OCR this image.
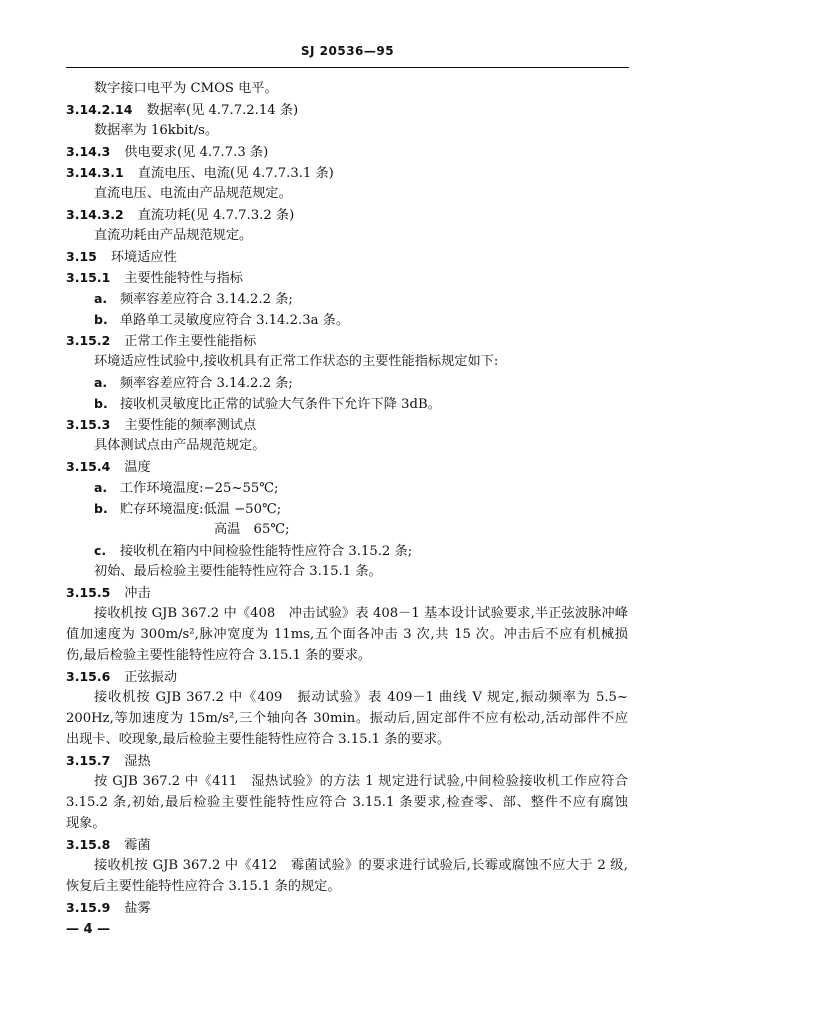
SJ 20536—95
数字接口电平为 CMOS 电平。
3.14.2.14 数据率(见 4.7.7.2.14 条)
数据率为 16kbit/s。
3.14.3 供电要求(见 4.7.7.3 条)
3.14.3.1 直流电压、电流(见 4.7.7.3.1 条)
直流电压、电流由产品规范规定。
3.14.3.2 直流功耗(见 4.7.7.3.2 条)
直流功耗由产品规范规定。
3.15 环境适应性
3.15.1 主要性能特性与指标
a. 频率容差应符合 3.14.2.2 条;
b. 单路单工灵敏度应符合 3.14.2.3a 条。
3.15.2 正常工作主要性能指标
环境适应性试验中,接收机具有正常工作状态的主要性能指标规定如下:
a. 频率容差应符合 3.14.2.2 条;
b. 接收机灵敏度比正常的试验大气条件下允许下降 3dB。
3.15.3 主要性能的频率测试点
具体测试点由产品规范规定。
3.15.4 温度
a. 工作环境温度:−25~55℃;
b. 贮存环境温度:低温 −50℃;
高温　65℃;
c. 接收机在箱内中间检验性能特性应符合 3.15.2 条;
初始、最后检验主要性能特性应符合 3.15.1 条。
3.15.5 冲击
接收机按 GJB 367.2 中《408　冲击试验》表 408－1 基本设计试验要求,半正弦波脉冲峰
值加速度为 300m/s²,脉冲宽度为 11ms,五个面各冲击 3 次,共 15 次。冲击后不应有机械损
伤,最后检验主要性能特性应符合 3.15.1 条的要求。
3.15.6 正弦振动
接收机按 GJB 367.2 中《409　振动试验》表 409－1 曲线 V 规定,振动频率为 5.5~
200Hz,等加速度为 15m/s²,三个轴向各 30min。振动后,固定部件不应有松动,活动部件不应
出现卡、咬现象,最后检验主要性能特性应符合 3.15.1 条的要求。
3.15.7 湿热
按 GJB 367.2 中《411　湿热试验》的方法 1 规定进行试验,中间检验接收机工作应符合
3.15.2 条,初始,最后检验主要性能特性应符合 3.15.1 条要求,检查零、部、整件不应有腐蚀
现象。
3.15.8 霉菌
接收机按 GJB 367.2 中《412　霉菌试验》的要求进行试验后,长霉或腐蚀不应大于 2 级,
恢复后主要性能特性应符合 3.15.1 条的规定。
3.15.9 盐雾
— 4 —
